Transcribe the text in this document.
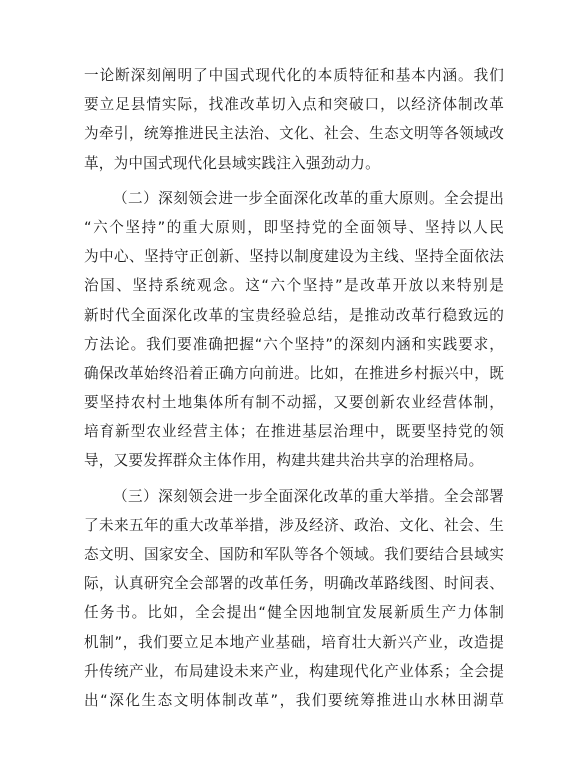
一论断深刻阐明了中国式现代化的本质特征和基本内涵。我们
要立足县情实际，找准改革切入点和突破口，以经济体制改革
为牵引，统筹推进民主法治、文化、社会、生态文明等各领域改
革，为中国式现代化县域实践注入强劲动力。
（二）深刻领会进一步全面深化改革的重大原则。全会提出
“六个坚持”的重大原则，即坚持党的全面领导、坚持以人民
为中心、坚持守正创新、坚持以制度建设为主线、坚持全面依法
治国、坚持系统观念。这“六个坚持”是改革开放以来特别是
新时代全面深化改革的宝贵经验总结，是推动改革行稳致远的
方法论。我们要准确把握“六个坚持”的深刻内涵和实践要求，
确保改革始终沿着正确方向前进。比如，在推进乡村振兴中，既
要坚持农村土地集体所有制不动摇，又要创新农业经营体制，
培育新型农业经营主体；在推进基层治理中，既要坚持党的领
导，又要发挥群众主体作用，构建共建共治共享的治理格局。
（三）深刻领会进一步全面深化改革的重大举措。全会部署
了未来五年的重大改革举措，涉及经济、政治、文化、社会、生
态文明、国家安全、国防和军队等各个领域。我们要结合县域实
际，认真研究全会部署的改革任务，明确改革路线图、时间表、
任务书。比如，全会提出“健全因地制宜发展新质生产力体制
机制”，我们要立足本地产业基础，培育壮大新兴产业，改造提
升传统产业，布局建设未来产业，构建现代化产业体系；全会提
出“深化生态文明体制改革”，我们要统筹推进山水林田湖草
